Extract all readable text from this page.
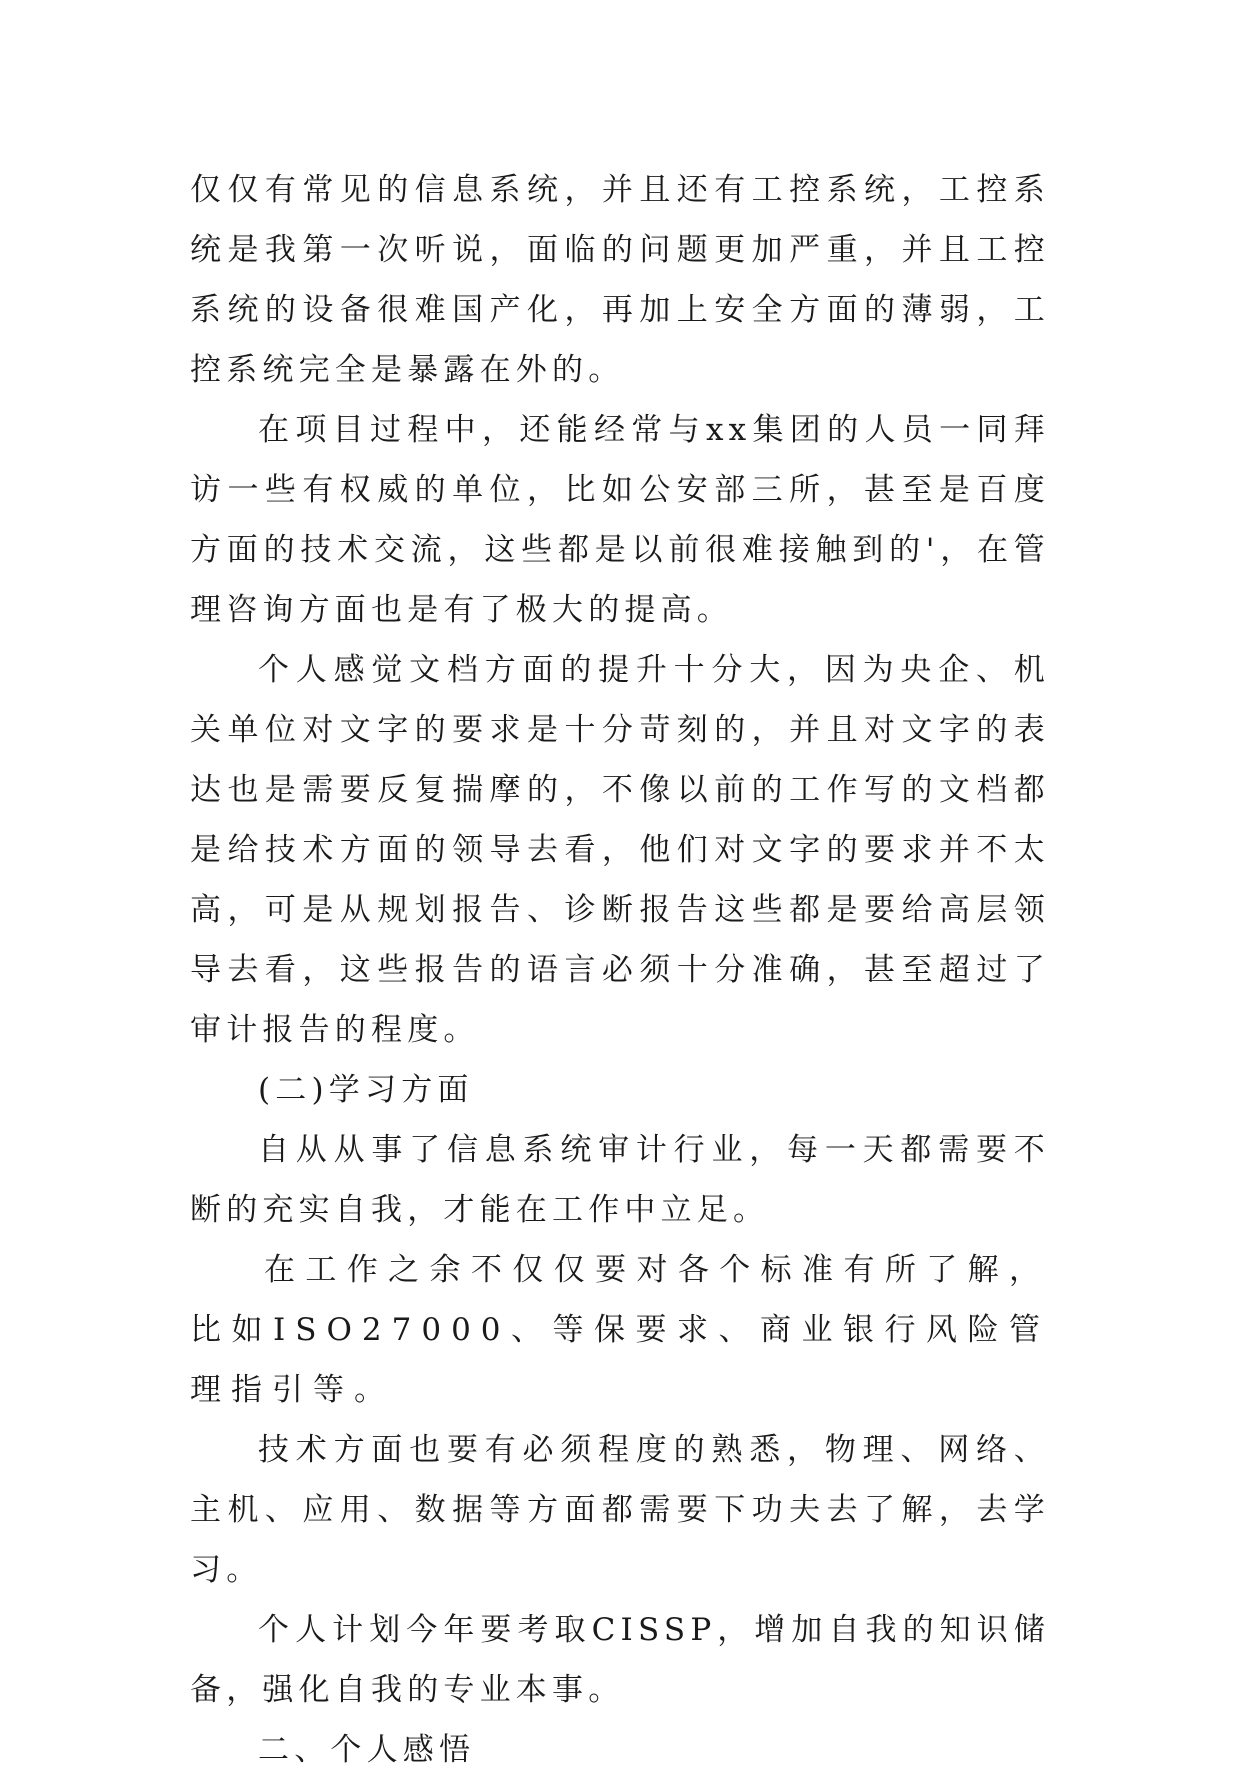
仅仅有常见的信息系统，并且还有工控系统，工控系统是我第一次听说，面临的问题更加严重，并且工控系统的设备很难国产化，再加上安全方面的薄弱，工控系统完全是暴露在外的。

在项目过程中，还能经常与xx集团的人员一同拜访一些有权威的单位，比如公安部三所，甚至是百度方面的技术交流，这些都是以前很难接触到的'，在管理咨询方面也是有了极大的提高。

个人感觉文档方面的提升十分大，因为央企、机关单位对文字的要求是十分苛刻的，并且对文字的表达也是需要反复揣摩的，不像以前的工作写的文档都是给技术方面的领导去看，他们对文字的要求并不太高，可是从规划报告、诊断报告这些都是要给高层领导去看，这些报告的语言必须十分准确，甚至超过了审计报告的程度。

(二)学习方面

自从从事了信息系统审计行业，每一天都需要不断的充实自我，才能在工作中立足。

在工作之余不仅仅要对各个标准有所了解，比如ISO27000、等保要求、商业银行风险管理指引等。

技术方面也要有必须程度的熟悉，物理、网络、主机、应用、数据等方面都需要下功夫去了解，去学习。

个人计划今年要考取CISSP，增加自我的知识储备，强化自我的专业本事。

二、个人感悟
